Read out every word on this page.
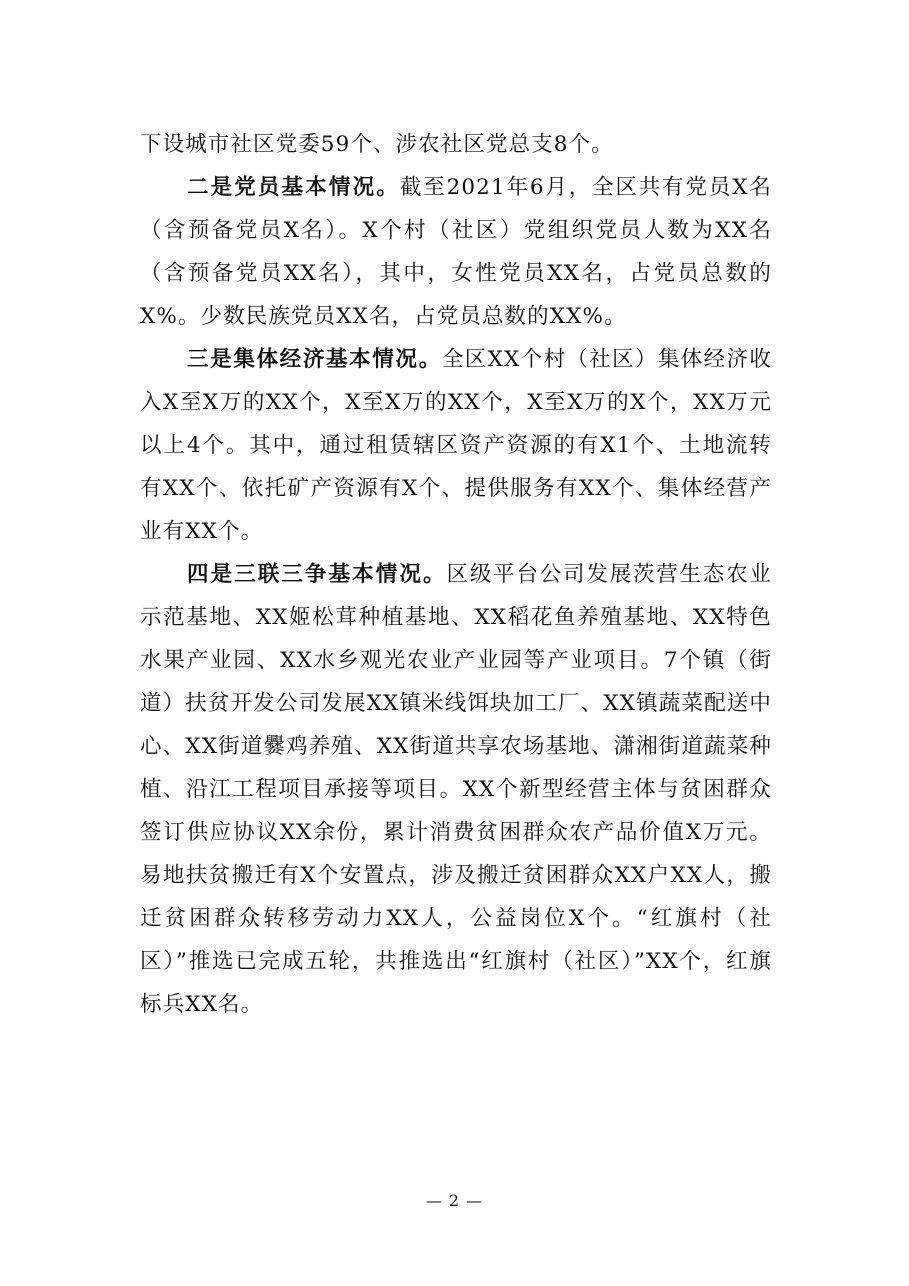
下设城市社区党委59个、涉农社区党总支8个。

二是党员基本情况。截至2021年6月，全区共有党员X名（含预备党员X名）。X个村（社区）党组织党员人数为XX名（含预备党员XX名），其中，女性党员XX名，占党员总数的X%。少数民族党员XX名，占党员总数的XX%。

三是集体经济基本情况。全区XX个村（社区）集体经济收入X至X万的XX个，X至X万的XX个，X至X万的X个，XX万元以上4个。其中，通过租赁辖区资产资源的有X1个、土地流转有XX个、依托矿产资源有X个、提供服务有XX个、集体经营产业有XX个。

四是三联三争基本情况。区级平台公司发展茨营生态农业示范基地、XX姬松茸种植基地、XX稻花鱼养殖基地、XX特色水果产业园、XX水乡观光农业产业园等产业项目。7个镇（街道）扶贫开发公司发展XX镇米线饵块加工厂、XX镇蔬菜配送中心、XX街道爨鸡养殖、XX街道共享农场基地、潇湘街道蔬菜种植、沿江工程项目承接等项目。XX个新型经营主体与贫困群众签订供应协议XX余份，累计消费贫困群众农产品价值X万元。易地扶贫搬迁有X个安置点，涉及搬迁贫困群众XX户XX人，搬迁贫困群众转移劳动力XX人，公益岗位X个。“红旗村（社区）”推选已完成五轮，共推选出“红旗村（社区）”XX个，红旗标兵XX名。

— 2 —
